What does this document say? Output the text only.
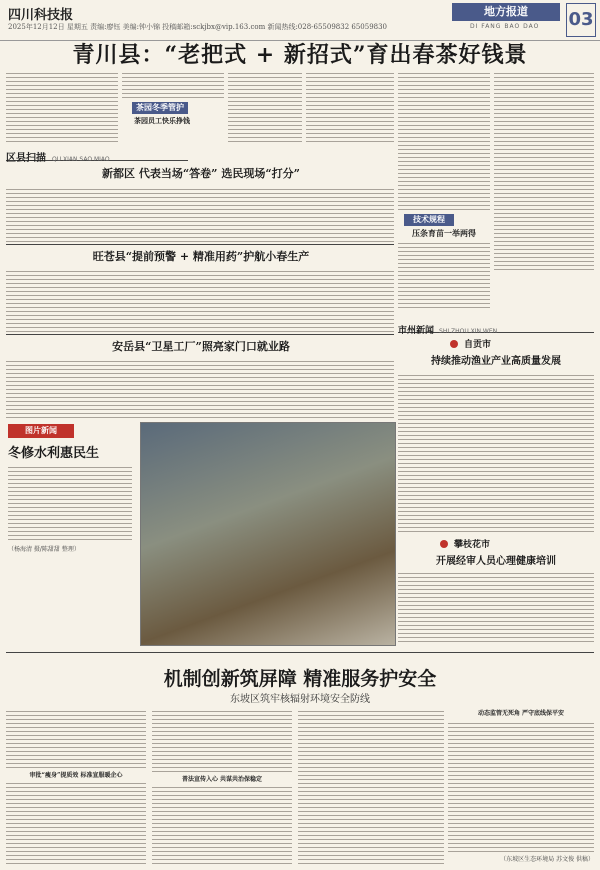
四川科技报
2025年12月12日 星期五 责编:廖钰 美编:钟小锦 投稿邮箱:sckjbx@vip.163.com 新闻热线:028-65509832 65059830
地方报道
DI FANG BAO DAO 03
青川县：“老把式 + 新招式”育出春茶好钱景
茶园冬季管护
茶园员工快乐挣钱
区县扫描 QU XIAN SAO MIAO
新都区 代表当场“答卷” 选民现场“打分”
技术规程
压条育苗一举两得
旺苍县“提前预警 + 精准用药”护航小春生产
安岳县“卫星工厂”照亮家门口就业路
市州新闻 SHI ZHOU XIN WEN
自贡市
持续推动渔业产业高质量发展
攀枝花市
开展经审人员心理健康培训
图片新闻
冬修水利惠民生
（杨海清 摄/陈甜甜 整理）
机制创新筑屏障 精准服务护安全
东坡区筑牢核辐射环境安全防线
审批“瘦身”提质效 标准宣服暖企心
普法宣传入心 共谋共治保稳定
动态监管无死角 严守底线保平安
（东坡区生态环境局 苏文俊 供稿）
